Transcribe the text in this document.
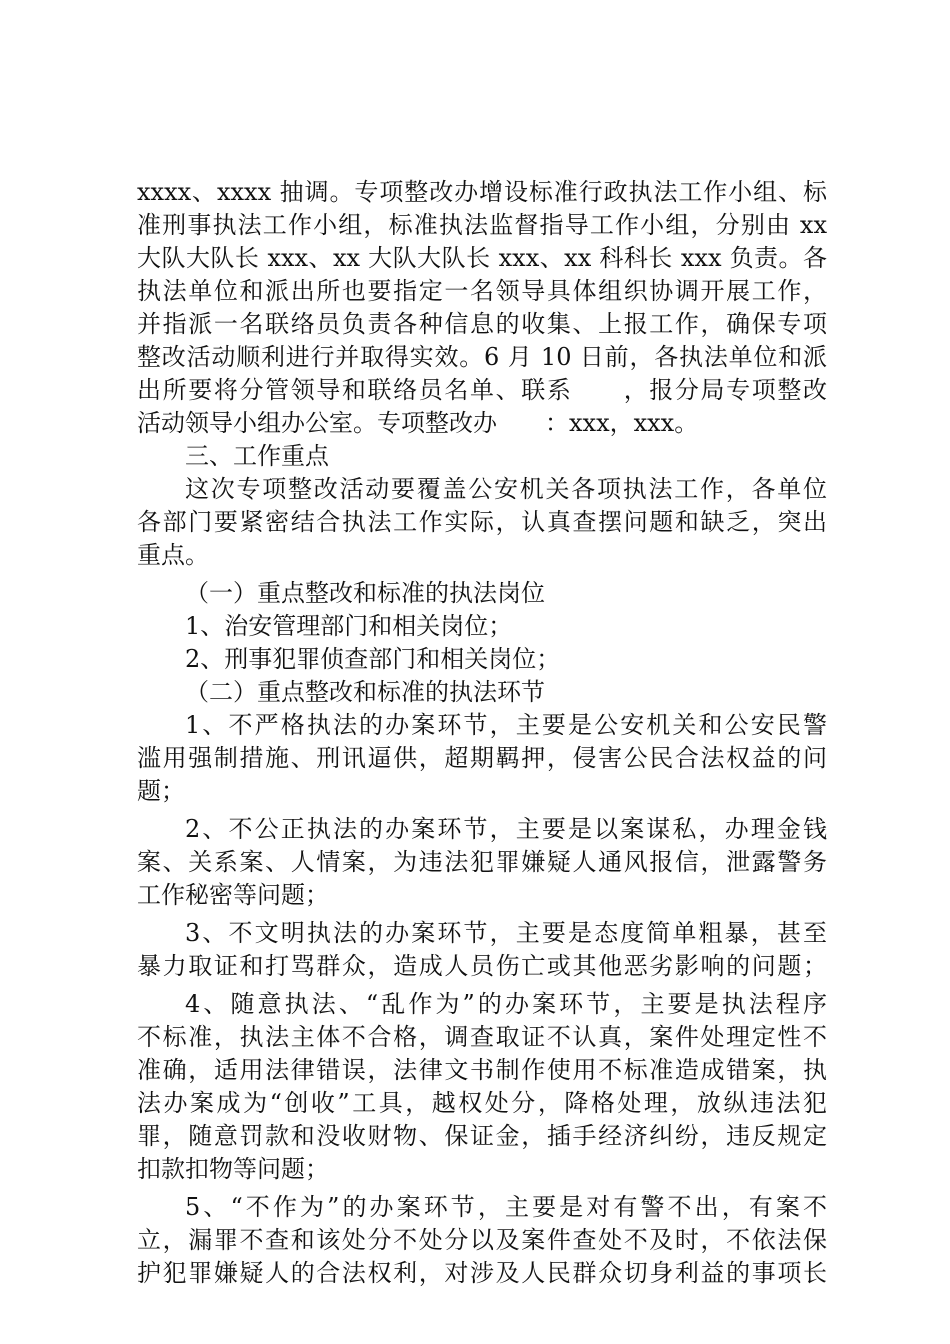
xxxx、xxxx 抽调。专项整改办增设标准行政执法工作小组、标
准刑事执法工作小组，标准执法监督指导工作小组，分别由 xx
大队大队长 xxx、xx 大队大队长 xxx、xx 科科长 xxx 负责。各
执法单位和派出所也要指定一名领导具体组织协调开展工作，
并指派一名联络员负责各种信息的收集、上报工作，确保专项
整改活动顺利进行并取得实效。6 月 10 日前，各执法单位和派
出所要将分管领导和联络员名单、联系　　，报分局专项整改
活动领导小组办公室。专项整改办　　：xxx，xxx。
三、工作重点
这次专项整改活动要覆盖公安机关各项执法工作，各单位
各部门要紧密结合执法工作实际，认真查摆问题和缺乏，突出
重点。
（一）重点整改和标准的执法岗位
1、治安管理部门和相关岗位；
2、刑事犯罪侦查部门和相关岗位；
（二）重点整改和标准的执法环节
1、不严格执法的办案环节，主要是公安机关和公安民警
滥用强制措施、刑讯逼供，超期羁押，侵害公民合法权益的问
题；
2、不公正执法的办案环节，主要是以案谋私，办理金钱
案、关系案、人情案，为违法犯罪嫌疑人通风报信，泄露警务
工作秘密等问题；
3、不文明执法的办案环节，主要是态度简单粗暴，甚至
暴力取证和打骂群众，造成人员伤亡或其他恶劣影响的问题；
4、随意执法、“乱作为”的办案环节，主要是执法程序
不标准，执法主体不合格，调查取证不认真，案件处理定性不
准确，适用法律错误，法律文书制作使用不标准造成错案，执
法办案成为“创收”工具，越权处分，降格处理，放纵违法犯
罪，随意罚款和没收财物、保证金，插手经济纠纷，违反规定
扣款扣物等问题；
5、“不作为”的办案环节，主要是对有警不出，有案不
立，漏罪不查和该处分不处分以及案件查处不及时，不依法保
护犯罪嫌疑人的合法权利，对涉及人民群众切身利益的事项长
